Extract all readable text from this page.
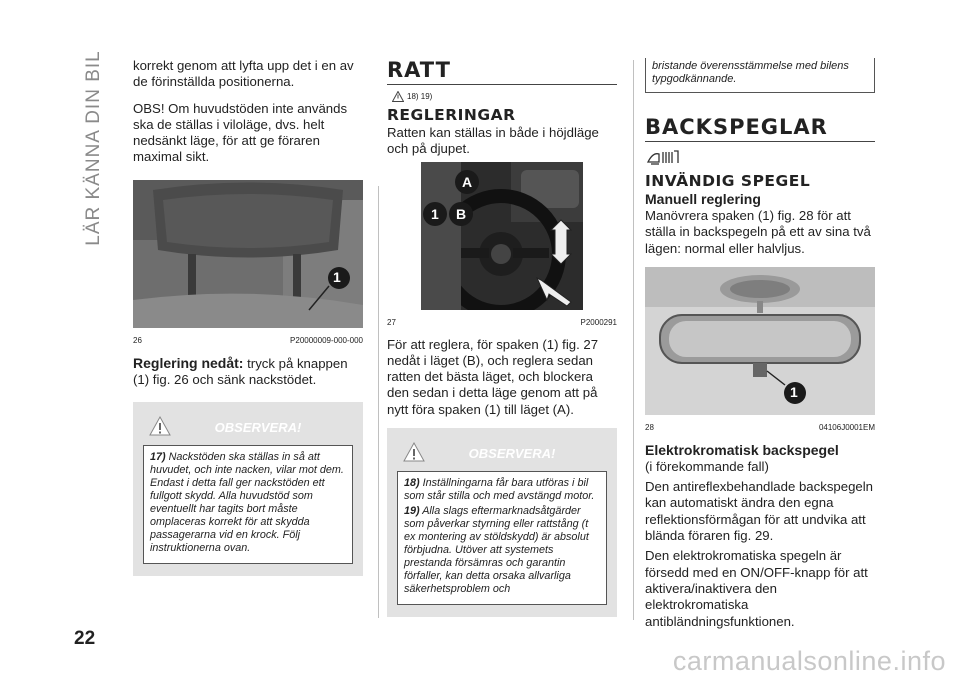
LÄR KÄNNA DIN BIL korrekt genom att lyfta upp det i en av de förinställda positionerna.

OBS! Om huvudstöden inte används ska de ställas i viloläge, dvs. helt nedsänkt läge, för att ge föraren maximal sikt.

1
26	P20000009-000-000

Reglering nedåt: tryck på knappen (1) fig. 26 och sänk nackstödet.

OBSERVERA!
17) Nackstöden ska ställas in så att huvudet, och inte nacken, vilar mot dem. Endast i detta fall ger nackstöden ett fullgott skydd. Alla huvudstöd som eventuellt har tagits bort måste omplaceras korrekt för att skydda passagerarna vid en krock. Följ instruktionerna ovan.
RATT
18) 19)
REGLERINGAR

Ratten kan ställas in både i höjdläge och på djupet.

A
1 B
27	P2000291

För att reglera, för spaken (1) fig. 27 nedåt i läget (B), och reglera sedan ratten det bästa läget, och blockera den sedan i detta läge genom att på nytt föra spaken (1) till läget (A).

OBSERVERA!
18) Inställningarna får bara utföras i bil som står stilla och med avstängd motor.
19) Alla slags eftermarknadsåtgärder som påverkar styrning eller rattstång (t ex montering av stöldskydd) är absolut förbjudna. Utöver att systemets prestanda försämras och garantin förfaller, kan detta orsaka allvarliga säkerhetsproblem och
bristande överensstämmelse med bilens typgodkännande.
BACKSPEGLAR
INVÄNDIG SPEGEL
Manuell reglering

Manövrera spaken (1) fig. 28 för att ställa in backspegeln på ett av sina två lägen: normal eller halvljus.

1
28	04106J0001EM
Elektrokromatisk backspegel

(i förekommande fall)

Den antireflexbehandlade backspegeln kan automatiskt ändra den egna reflektionsförmågan för att undvika att blända föraren fig. 29.

Den elektrokromatiska spegeln är försedd med en ON/OFF-knapp för att aktivera/inaktivera den elektrokromatiska antibländningsfunktionen.

22
carmanualsonline.info
